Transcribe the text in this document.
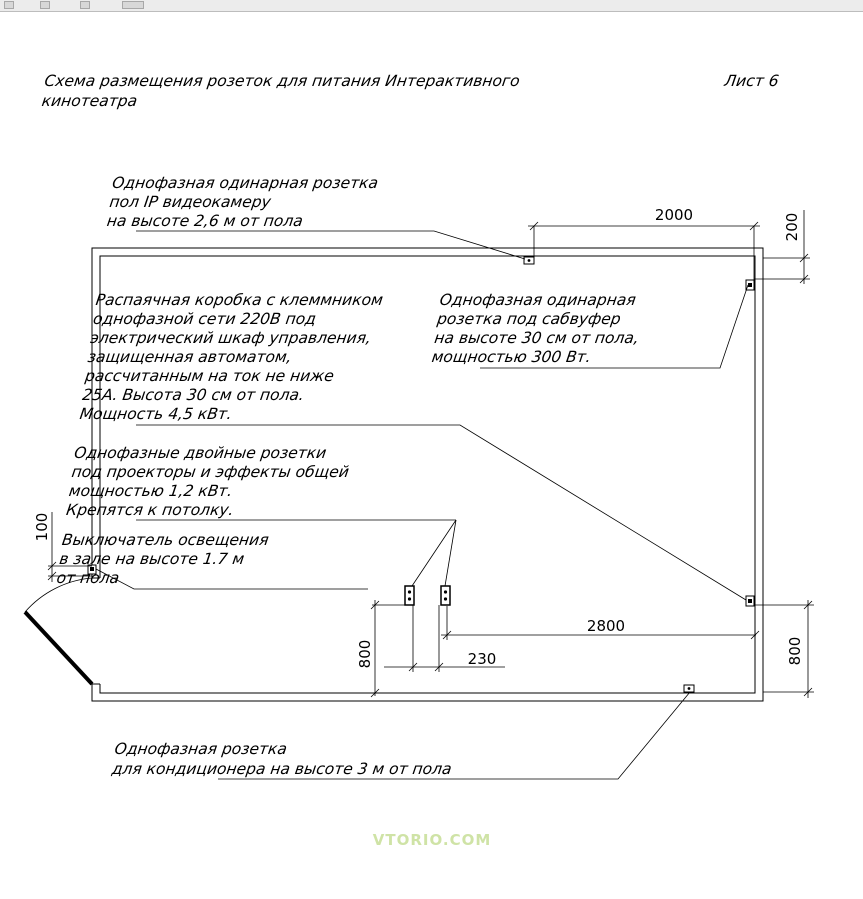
Схема размещения розеток для питания Интерактивного
кинотеатра
Лист 6
Однофазная одинарная розетка
пол IP видеокамеру
на высоте 2,6 м от пола
Распаячная коробка с клеммником
однофазной сети 220В под
электрический шкаф управления,
защищенная автоматом,
рассчитанным на ток не ниже
25А. Высота 30 см от пола.
Мощность 4,5 кВт.
Однофазная одинарная
розетка под сабвуфер
на высоте 30 см от пола,
мощностью 300 Вт.
Однофазные двойные розетки
под проекторы и эффекты общей
мощностью 1,2 кВт.
Крепятся к потолку.
Выключатель освещения
в зале на высоте 1.7 м
от пола
Однофазная розетка
для кондиционера на высоте 3 м от пола
2000	200
100
800	230
2800
800
VTORIO.COM
